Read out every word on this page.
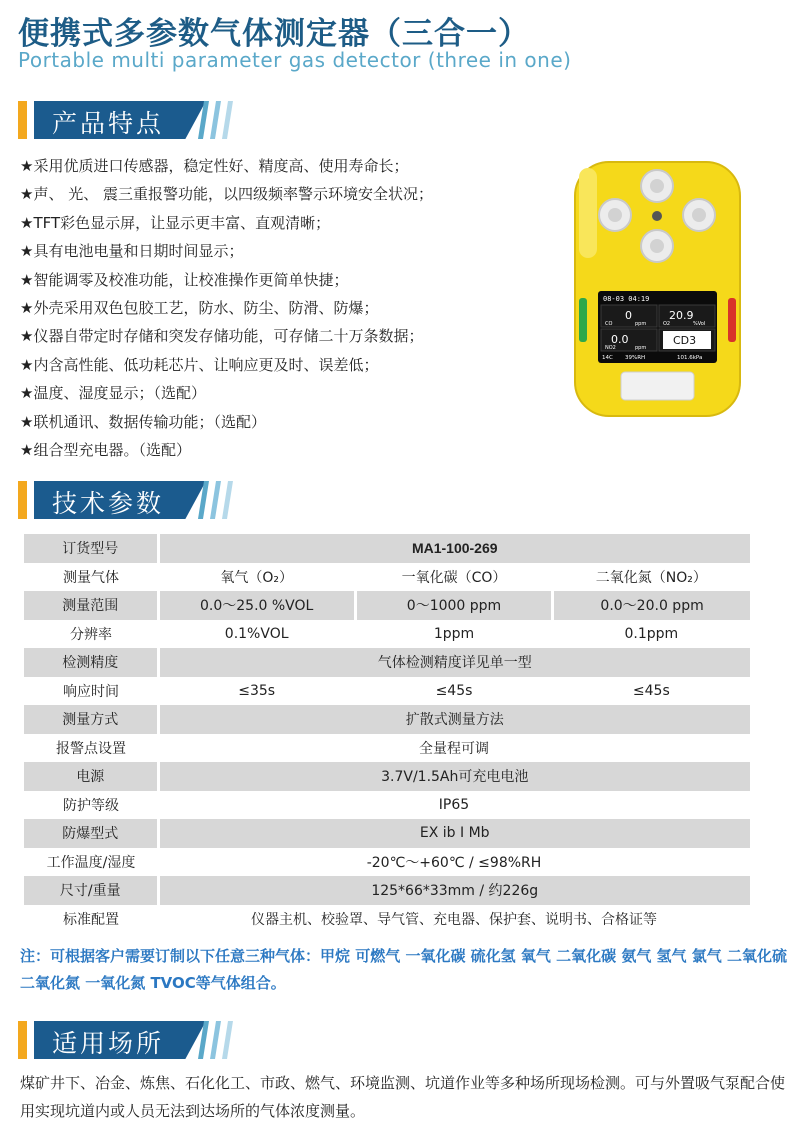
便携式多参数气体测定器（三合一）
Portable multi parameter gas detector (three in one)
产品特点
★采用优质进口传感器，稳定性好、精度高、使用寿命长；
★声、 光、 震三重报警功能，以四级频率警示环境安全状况；
★TFT彩色显示屏，让显示更丰富、直观清晰；
★具有电池电量和日期时间显示；
★智能调零及校准功能，让校准操作更简单快捷；
★外壳采用双色包胶工艺，防水、防尘、防滑、防爆；
★仪器自带定时存储和突发存储功能，可存储二十万条数据；
★内含高性能、低功耗芯片、让响应更及时、误差低；
★温度、湿度显示；（选配）
★联机通讯、数据传输功能；（选配）
★组合型充电器。（选配）
08-03 04:19
0
CO	ppm
20.9
O2	%Vol
0.0
NO2	ppm
CD3
14C 39%RH	101.6kPa
技术参数
订货型号	MA1-100-269		
测量气体	氧气（O₂）	一氧化碳（CO）	二氧化氮（NO₂）
测量范围	0.0～25.0 %VOL	0～1000 ppm	0.0～20.0 ppm
分辨率	0.1%VOL	1ppm	0.1ppm
检测精度	气体检测精度详见单一型		
响应时间	≤35s	≤45s	≤45s
测量方式	扩散式测量方法		
报警点设置	全量程可调		
电源	3.7V/1.5Ah可充电电池		
防护等级	IP65		
防爆型式	EX ib Ⅰ Mb		
工作温度/湿度	-20℃～+60℃ / ≤98%RH		
尺寸/重量	125*66*33mm / 约226g		
标准配置	仪器主机、校验罩、导气管、充电器、保护套、说明书、合格证等		
注：可根据客户需要订制以下任意三种气体：甲烷 可燃气 一氧化碳 硫化氢 氧气 二氧化碳 氨气 氢气 氯气 二氧化硫 二氧化氮 一氧化氮 TVOC等气体组合。
适用场所
煤矿井下、冶金、炼焦、石化化工、市政、燃气、环境监测、坑道作业等多种场所现场检测。可与外置吸气泵配合使用实现坑道内或人员无法到达场所的气体浓度测量。
